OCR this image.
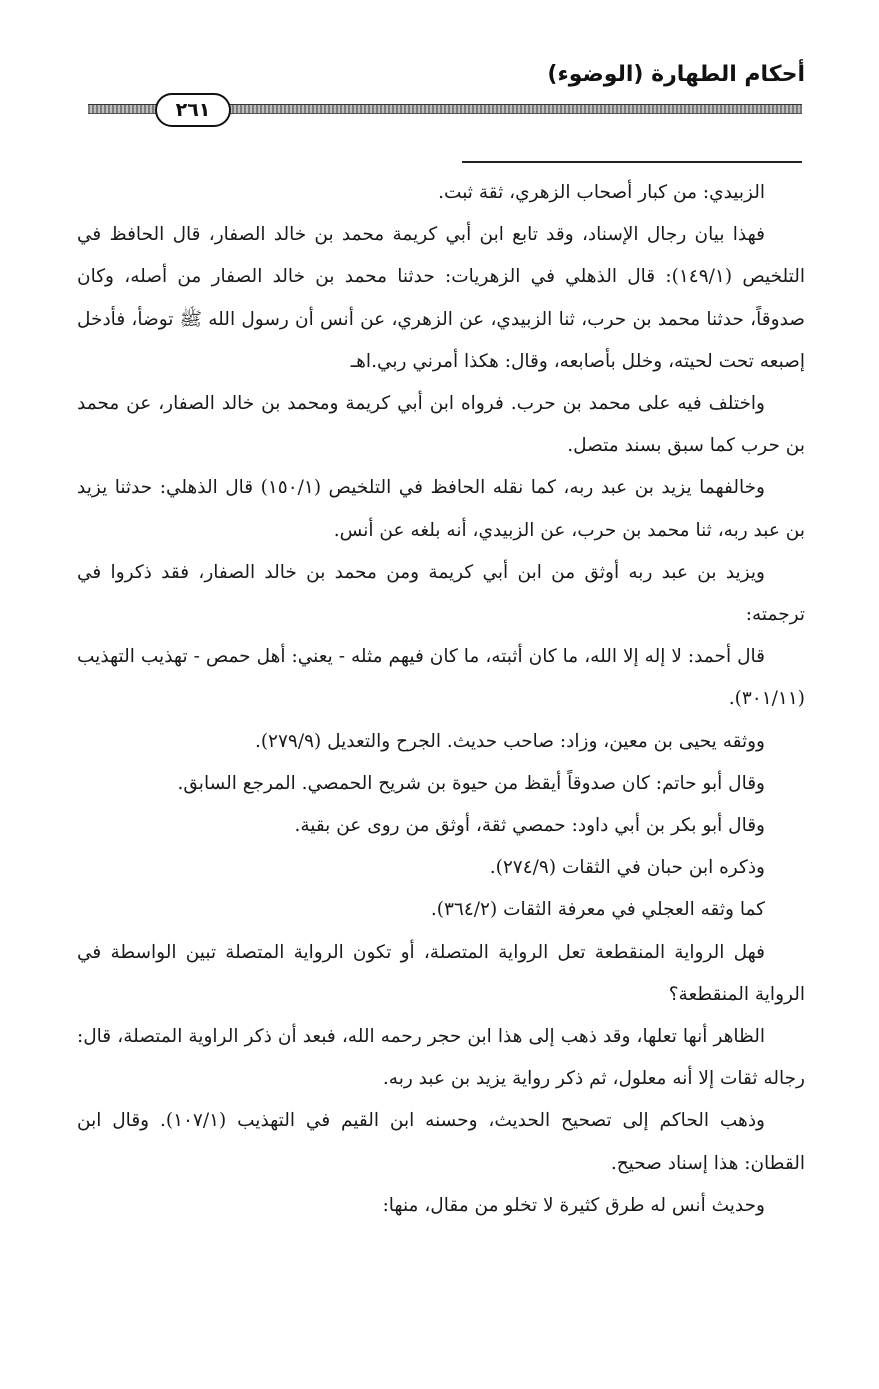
أحكام الطهارة (الوضوء)
٢٦١

الزبيدي: من كبار أصحاب الزهري، ثقة ثبت.

فهذا بيان رجال الإسناد، وقد تابع ابن أبي كريمة محمد بن خالد الصفار، قال الحافظ في التلخيص (١٤٩/١): قال الذهلي في الزهريات: حدثنا محمد بن خالد الصفار من أصله، وكان صدوقاً، حدثنا محمد بن حرب، ثنا الزبيدي، عن الزهري، عن أنس أن رسول الله ﷺ توضأ، فأدخل إصبعه تحت لحيته، وخلل بأصابعه، وقال: هكذا أمرني ربي.اهـ

واختلف فيه على محمد بن حرب. فرواه ابن أبي كريمة ومحمد بن خالد الصفار، عن محمد بن حرب كما سبق بسند متصل.

وخالفهما يزيد بن عبد ربه، كما نقله الحافظ في التلخيص (١٥٠/١) قال الذهلي: حدثنا يزيد بن عبد ربه، ثنا محمد بن حرب، عن الزبيدي، أنه بلغه عن أنس.

ويزيد بن عبد ربه أوثق من ابن أبي كريمة ومن محمد بن خالد الصفار، فقد ذكروا في ترجمته:

قال أحمد: لا إله إلا الله، ما كان أثبته، ما كان فيهم مثله - يعني: أهل حمص - تهذيب التهذيب (٣٠١/١١).

ووثقه يحيى بن معين، وزاد: صاحب حديث. الجرح والتعديل (٢٧٩/٩).

وقال أبو حاتم: كان صدوقاً أيقظ من حيوة بن شريح الحمصي. المرجع السابق.

وقال أبو بكر بن أبي داود: حمصي ثقة، أوثق من روى عن بقية.

وذكره ابن حبان في الثقات (٢٧٤/٩).

كما وثقه العجلي في معرفة الثقات (٣٦٤/٢).

فهل الرواية المنقطعة تعل الرواية المتصلة، أو تكون الرواية المتصلة تبين الواسطة في الرواية المنقطعة؟

الظاهر أنها تعلها، وقد ذهب إلى هذا ابن حجر رحمه الله، فبعد أن ذكر الراوية المتصلة، قال: رجاله ثقات إلا أنه معلول، ثم ذكر رواية يزيد بن عبد ربه.

وذهب الحاكم إلى تصحيح الحديث، وحسنه ابن القيم في التهذيب (١٠٧/١). وقال ابن القطان: هذا إسناد صحيح.

وحديث أنس له طرق كثيرة لا تخلو من مقال، منها:
